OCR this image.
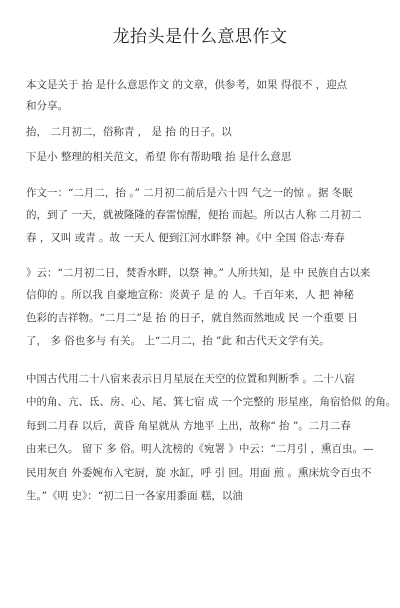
龙抬头是什么意思作文
本文是关于 抬 是什么意思作文 的文章，供参考，如果 得很不 ，迎点
和分享。
抬， 二月初二，俗称青 ， 是 抬 的日子。以
下是小 整理的相关范文，希望 你有帮助哦 抬 是什么意思
作文一：“二月二，抬 。” 二月初二前后是六十四 气之一的惊 。据 冬眠
的，到了 一天，就被隆隆的春雷惊醒，便抬 而起。所以古人称 二月初二
春 ，又叫 或青 。故 一天人 便到江河水畔祭 神。《中 全国 俗志·寿春
》云：“二月初二日，焚香水畔，以祭 神。” 人所共知，是 中 民族自古以来
信仰的 。所以我 自豪地宣称：炎黄子 是 的 人。千百年来，人 把 神秘
色彩的吉祥物。“二月二”是 抬 的日子，就自然而然地成 民 一个重要 日
了， 多 俗也多与 有关。 上“二月二，抬 ”此 和古代天文学有关。
中国古代用二十八宿来表示日月星辰在天空的位置和判断季 。二十八宿
中的角、亢、氐、房、心、尾、箕七宿 成 一个完整的 形星座，角宿恰似 的角。
每到二月春 以后，黄昏 角星就从 方地平 上出，故称“ 抬 ”。二月二春
由来已久。 留下 多 俗。明人沈榜的《宛署 》中云：“二月引 ，熏百虫。—
民用灰自 外委婉布入宅厨，旋 水缸，呼 引 回。用面 煎 。熏床炕令百虫不
生。”《明 史》：“初二日一各家用黍面 糕，以油
